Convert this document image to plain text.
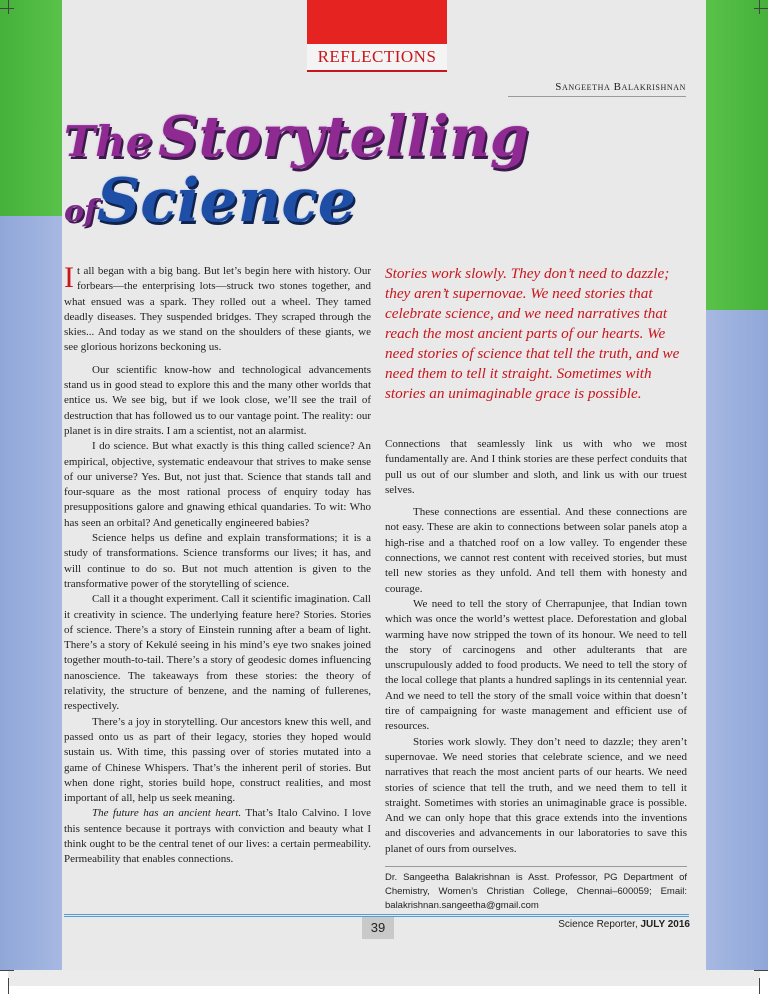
REFLECTIONS
Sangeetha Balakrishnan
The Storytelling
ofScience

It all began with a big bang. But let’s begin here with history. Our forbears—the enterprising lots—struck two stones together, and what ensued was a spark. They rolled out a wheel. They tamed deadly diseases. They suspended bridges. They scraped through the skies... And today as we stand on the shoulders of these giants, we see glorious horizons beckoning us.

Our scientific know-how and technological advancements stand us in good stead to explore this and the many other worlds that entice us. We see big, but if we look close, we’ll see the trail of destruction that has followed us to our vantage point. The reality: our planet is in dire straits. I am a scientist, not an alarmist.

I do science. But what exactly is this thing called science? An empirical, objective, systematic endeavour that strives to make sense of our universe? Yes. But, not just that. Science that stands tall and four-square as the most rational process of enquiry today has presuppositions galore and gnawing ethical quandaries. To wit: Who has seen an orbital? And genetically engineered babies?

Science helps us define and explain transformations; it is a study of transformations. Science transforms our lives; it has, and will continue to do so. But not much attention is given to the transformative power of the storytelling of science.

Call it a thought experiment. Call it scientific imagination. Call it creativity in science. The underlying feature here? Stories. Stories of science. There’s a story of Einstein running after a beam of light. There’s a story of Kekulé seeing in his mind’s eye two snakes joined together mouth-to-tail. There’s a story of geodesic domes influencing nanoscience. The takeaways from these stories: the theory of relativity, the structure of benzene, and the naming of fullerenes, respectively.

There’s a joy in storytelling. Our ancestors knew this well, and passed onto us as part of their legacy, stories they hoped would sustain us. With time, this passing over of stories mutated into a game of Chinese Whispers. That’s the inherent peril of stories. But when done right, stories build hope, construct realities, and most important of all, help us seek meaning.

The future has an ancient heart. That’s Italo Calvino. I love this sentence because it portrays with conviction and beauty what I think ought to be the central tenet of our lives: a certain permeability. Permeability that enables connections.

Stories work slowly. They don’t need to dazzle; they aren’t supernovae. We need stories that celebrate science, and we need narratives that reach the most ancient parts of our hearts. We need stories of science that tell the truth, and we need them to tell it straight. Sometimes with stories an unimaginable grace is possible.

Connections that seamlessly link us with who we most fundamentally are. And I think stories are these perfect conduits that pull us out of our slumber and sloth, and link us with our truest selves.

These connections are essential. And these connections are not easy. These are akin to connections between solar panels atop a high-rise and a thatched roof on a low valley. To engender these connections, we cannot rest content with received stories, but must tell new stories as they unfold. And tell them with honesty and courage.

We need to tell the story of Cherrapunjee, that Indian town which was once the world’s wettest place. Deforestation and global warming have now stripped the town of its honour. We need to tell the story of carcinogens and other adulterants that are unscrupulously added to food products. We need to tell the story of the local college that plants a hundred saplings in its centennial year. And we need to tell the story of the small voice within that doesn’t tire of campaigning for waste management and efficient use of resources.

Stories work slowly. They don’t need to dazzle; they aren’t supernovae. We need stories that celebrate science, and we need narratives that reach the most ancient parts of our hearts. We need stories of science that tell the truth, and we need them to tell it straight. Sometimes with stories an unimaginable grace is possible. And we can only hope that this grace extends into the inventions and discoveries and advancements in our laboratories to save this planet of ours from ourselves.

Dr. Sangeetha Balakrishnan is Asst. Professor, PG Department of Chemistry, Women’s Christian College, Chennai–600059; Email: balakrishnan.sangeetha@gmail.com
39	Science Reporter, JULY 2016
